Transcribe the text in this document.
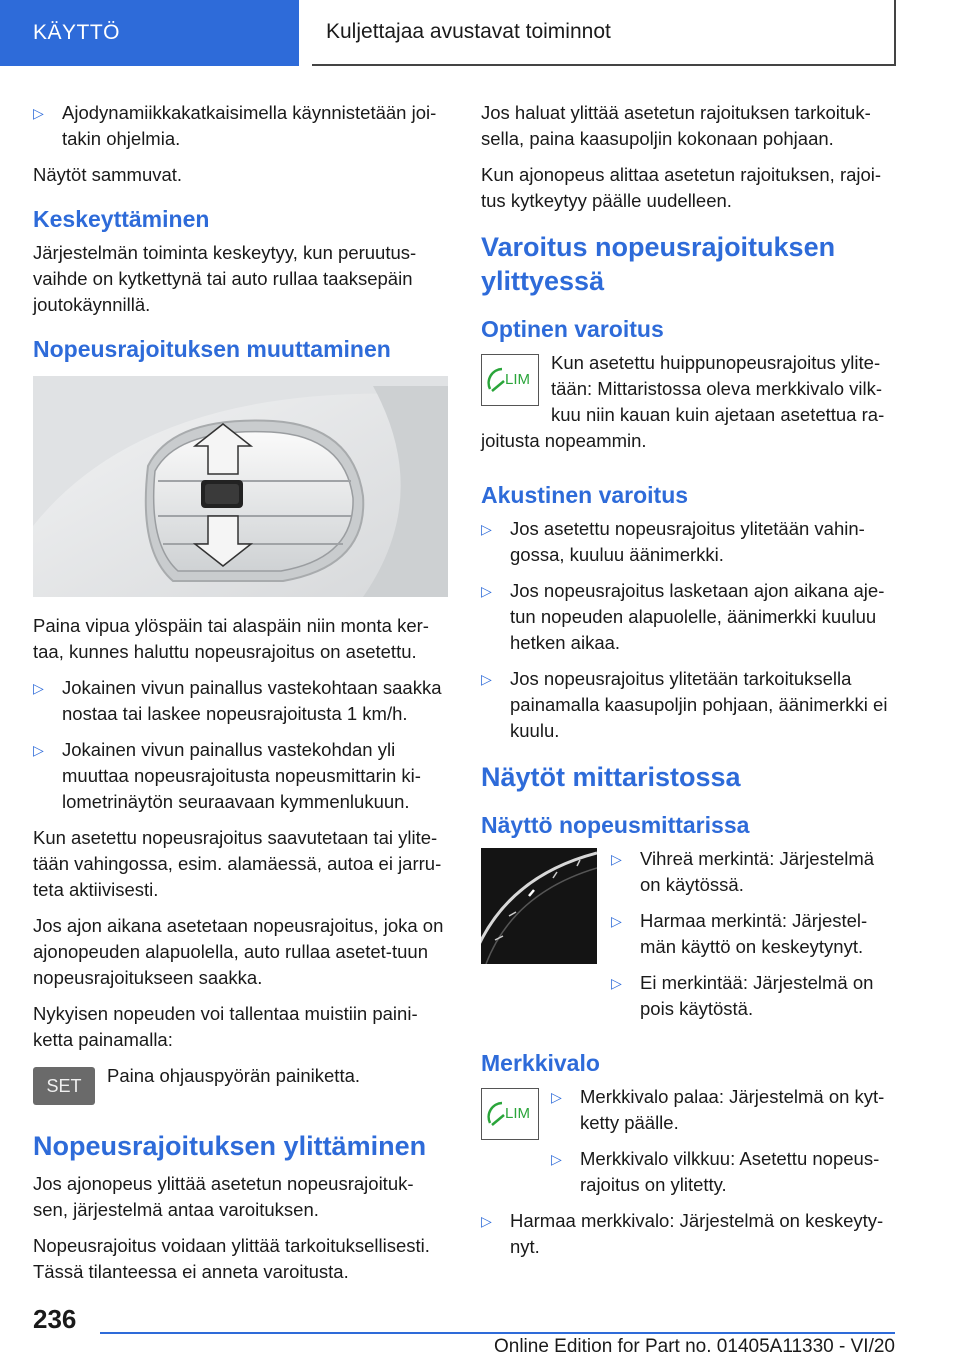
KÄYTTÖ	Kuljettajaa avustavat toiminnot
▷ Ajodynamiikkakatkaisimella käynnistetään joi-takin ohjelmia.

Näytöt sammuvat.

Keskeyttäminen

Järjestelmän toiminta keskeytyy, kun peruutus-vaihde on kytkettynä tai auto rullaa taaksepäin joutokäynnillä.

Nopeusrajoituksen muuttaminen

Paina vipua ylöspäin tai alaspäin niin monta ker-taa, kunnes haluttu nopeusrajoitus on asetettu.

▷ Jokainen vivun painallus vastekohtaan saakka nostaa tai laskee nopeusrajoitusta 1 km/h.
▷ Jokainen vivun painallus vastekohdan yli muuttaa nopeusrajoitusta nopeusmittarin ki-lometrinäytön seuraavaan kymmenlukuun.

Kun asetettu nopeusrajoitus saavutetaan tai ylite-tään vahingossa, esim. alamäessä, autoa ei jarru-teta aktiivisesti.

Jos ajon aikana asetetaan nopeusrajoitus, joka on ajonopeuden alapuolella, auto rullaa asetet-tuun nopeusrajoitukseen saakka.

Nykyisen nopeuden voi tallentaa muistiin paini-ketta painamalla:

SET	Paina ohjauspyörän painiketta.

Nopeusrajoituksen ylittäminen

Jos ajonopeus ylittää asetetun nopeusrajoituk-sen, järjestelmä antaa varoituksen.

Nopeusrajoitus voidaan ylittää tarkoituksellisesti. Tässä tilanteessa ei anneta varoitusta.

Jos haluat ylittää asetetun rajoituksen tarkoituk-sella, paina kaasupoljin kokonaan pohjaan.

Kun ajonopeus alittaa asetetun rajoituksen, rajoi-tus kytkeytyy päälle uudelleen.

Varoitus nopeusrajoituksen ylittyessä
Optinen varoitus
LIM

Kun asetettu huippunopeusrajoitus ylite-tään: Mittaristossa oleva merkkivalo vilk-kuu niin kauan kuin ajetaan asetettua ra-joitusta nopeammin.

Akustinen varoitus
▷ Jos asetettu nopeusrajoitus ylitetään vahin-gossa, kuuluu äänimerkki.
▷ Jos nopeusrajoitus lasketaan ajon aikana aje-tun nopeuden alapuolelle, äänimerkki kuuluu hetken aikaa.
▷ Jos nopeusrajoitus ylitetään tarkoituksella painamalla kaasupoljin pohjaan, äänimerkki ei kuulu.
Näytöt mittaristossa
Näyttö nopeusmittarissa
▷ Vihreä merkintä: Järjestelmä on käytössä.
▷ Harmaa merkintä: Järjestel-män käyttö on keskeytynyt.
▷ Ei merkintää: Järjestelmä on pois käytöstä.
Merkkivalo
LIM
▷ Merkkivalo palaa: Järjestelmä on kyt-ketty päälle.
▷ Merkkivalo vilkkuu: Asetettu nopeus-rajoitus on ylitetty.
▷ Harmaa merkkivalo: Järjestelmä on keskeyty-nyt.
236
Online Edition for Part no. 01405A11330 - VI/20
